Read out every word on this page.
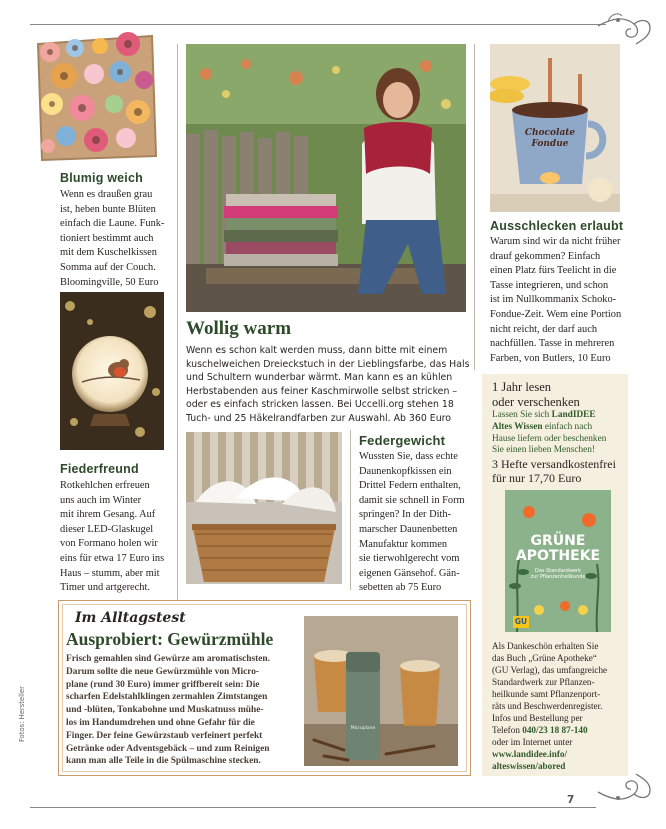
Blumig weich
Wenn es draußen grau
ist, heben bunte Blüten
einfach die Laune. Funk-
tioniert bestimmt auch
mit dem Kuschelkissen
Somma auf der Couch.
Bloomingville, 50 Euro
Fiederfreund
Rotkehlchen erfreuen
uns auch im Winter
mit ihrem Gesang. Auf
dieser LED-Glaskugel
von Formano holen wir
eins für etwa 17 Euro ins
Haus – stumm, aber mit
Timer und artgerecht.
Wollig warm
Wenn es schon kalt werden muss, dann bitte mit einem
kuschelweichen Dreieckstuch in der Lieblingsfarbe, das Hals
und Schultern wunderbar wärmt. Man kann es an kühlen
Herbstabenden aus feiner Kaschmirwolle selbst stricken –
oder es einfach stricken lassen. Bei Uccelli.org stehen 18
Tuch- und 25 Häkelrandfarben zur Auswahl. Ab 360 Euro
Federgewicht
Wussten Sie, dass echte
Daunenkopfkissen ein
Drittel Federn enthalten,
damit sie schnell in Form
springen? In der Dith-
marscher Daunenbetten
Manufaktur kommen
sie tierwohlgerecht vom
eigenen Gänsehof. Gän-
sebetten ab 75 Euro
Chocolate
Fondue
Ausschlecken erlaubt
Warum sind wir da nicht früher
drauf gekommen? Einfach
einen Platz fürs Teelicht in die
Tasse integrieren, und schon
ist im Nullkommanix Schoko-
Fondue-Zeit. Wem eine Portion
nicht reicht, der darf auch
nachfüllen. Tasse in mehreren
Farben, von Butlers, 10 Euro
1 Jahr lesen
oder verschenken
Lassen Sie sich LandIDEE
Altes Wissen einfach nach
Hause liefern oder beschenken
Sie einen lieben Menschen!
3 Hefte versandkostenfrei
für nur 17,70 Euro
GRÜNE
APOTHEKE
Das Standardwerk
zur Pflanzenheilkunde
GU
Als Dankeschön erhalten Sie
das Buch „Grüne Apotheke“
(GU Verlag), das umfangreiche
Standardwerk zur Pflanzen-
heilkunde samt Pflanzenport-
räts und Beschwerdenregister.
Infos und Bestellung per
Telefon 040/23 18 87-140
oder im Internet unter
www.landidee.info/
alteswissen/abored
Im Alltagstest
Ausprobiert: Gewürzmühle
Frisch gemahlen sind Gewürze am aromatischsten.
Darum sollte die neue Gewürzmühle von Micro-
plane (rund 30 Euro) immer griffbereit sein: Die
scharfen Edelstahlklingen zermahlen Zimtstangen
und -blüten, Tonkabohne und Muskatnuss mühe-
los im Handumdrehen und ohne Gefahr für die
Finger. Der feine Gewürzstaub verfeinert perfekt
Getränke oder Adventsgebäck – und zum Reinigen
kann man alle Teile in die Spülmaschine stecken.
Microplane
Fotos: Hersteller
7
